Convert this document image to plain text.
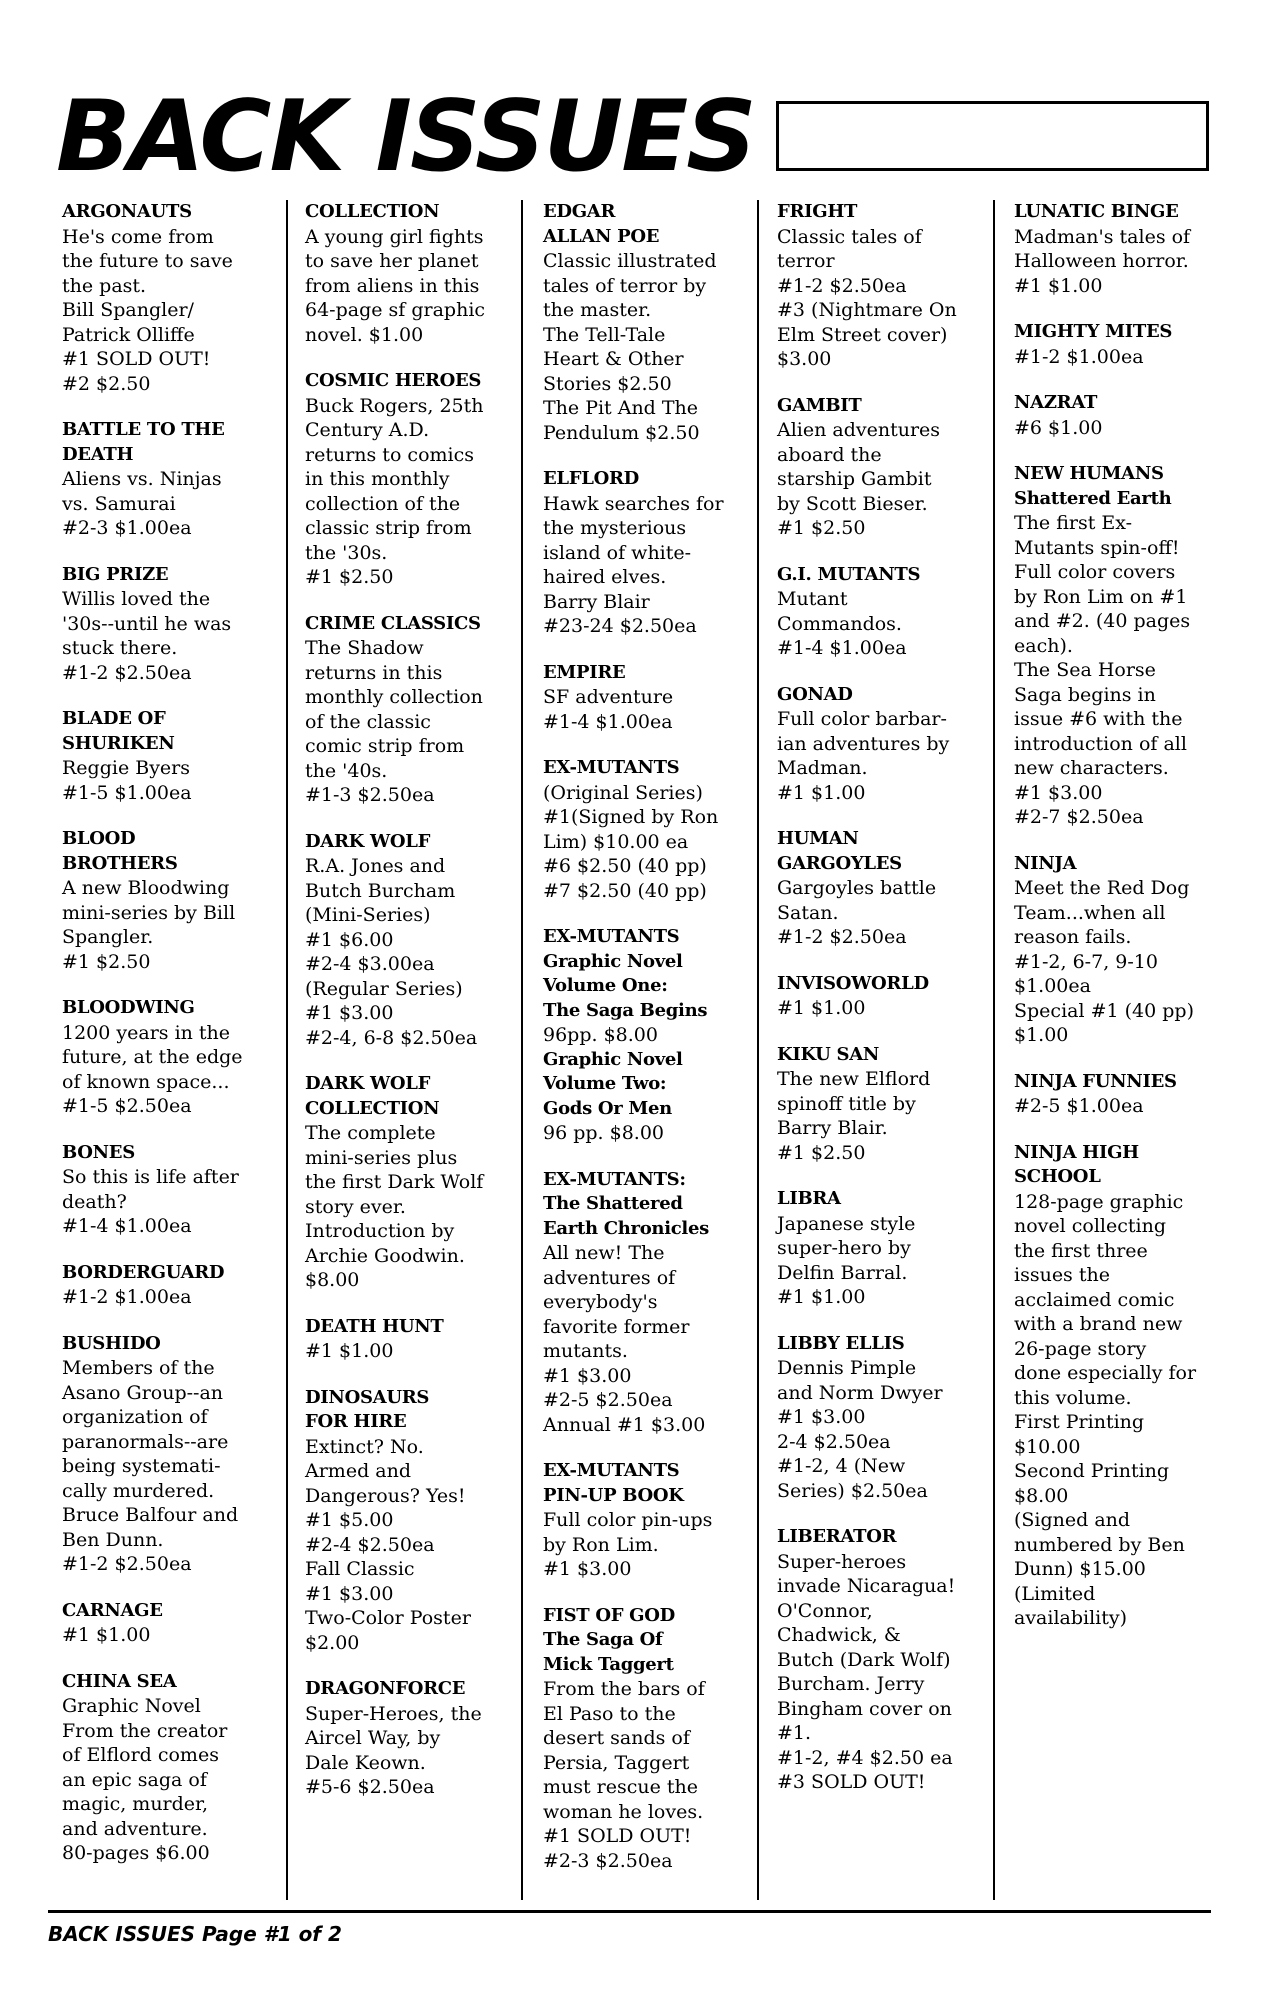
BACK ISSUES
ARGONAUTS
He's come from
the future to save
the past.
Bill Spangler/
Patrick Olliffe
#1 SOLD OUT!
#2 $2.50
BATTLE TO THE
DEATH
Aliens vs. Ninjas
vs. Samurai
#2-3 $1.00ea
BIG PRIZE
Willis loved the
'30s--until he was
stuck there.
#1-2 $2.50ea
BLADE OF
SHURIKEN
Reggie Byers
#1-5 $1.00ea
BLOOD
BROTHERS
A new Bloodwing
mini-series by Bill
Spangler.
#1 $2.50
BLOODWING
1200 years in the
future, at the edge
of known space...
#1-5 $2.50ea
BONES
So this is life after
death?
#1-4 $1.00ea
BORDERGUARD
#1-2 $1.00ea
BUSHIDO
Members of the
Asano Group--an
organization of
paranormals--are
being systemati-
cally murdered.
Bruce Balfour and
Ben Dunn.
#1-2 $2.50ea
CARNAGE
#1 $1.00
CHINA SEA
Graphic Novel
From the creator
of Elflord comes
an epic saga of
magic, murder,
and adventure.
80-pages $6.00
COLLECTION
A young girl fights
to save her planet
from aliens in this
64-page sf graphic
novel. $1.00
COSMIC HEROES
Buck Rogers, 25th
Century A.D.
returns to comics
in this monthly
collection of the
classic strip from
the '30s.
#1 $2.50
CRIME CLASSICS
The Shadow
returns in this
monthly collection
of the classic
comic strip from
the '40s.
#1-3 $2.50ea
DARK WOLF
R.A. Jones and
Butch Burcham
(Mini-Series)
#1 $6.00
#2-4 $3.00ea
(Regular Series)
#1 $3.00
#2-4, 6-8 $2.50ea
DARK WOLF
COLLECTION
The complete
mini-series plus
the first Dark Wolf
story ever.
Introduction by
Archie Goodwin.
$8.00
DEATH HUNT
#1 $1.00
DINOSAURS
FOR HIRE
Extinct? No.
Armed and
Dangerous? Yes!
#1 $5.00
#2-4 $2.50ea
Fall Classic
#1 $3.00
Two-Color Poster
$2.00
DRAGONFORCE
Super-Heroes, the
Aircel Way, by
Dale Keown.
#5-6 $2.50ea
EDGAR
ALLAN POE
Classic illustrated
tales of terror by
the master.
The Tell-Tale
Heart & Other
Stories $2.50
The Pit And The
Pendulum $2.50
ELFLORD
Hawk searches for
the mysterious
island of white-
haired elves.
Barry Blair
#23-24 $2.50ea
EMPIRE
SF adventure
#1-4 $1.00ea
EX-MUTANTS
(Original Series)
#1(Signed by Ron
Lim) $10.00 ea
#6 $2.50 (40 pp)
#7 $2.50 (40 pp)
EX-MUTANTS
Graphic Novel
Volume One:
The Saga Begins
96pp. $8.00
Graphic Novel
Volume Two:
Gods Or Men
96 pp. $8.00
EX-MUTANTS:
The Shattered
Earth Chronicles
All new! The
adventures of
everybody's
favorite former
mutants.
#1 $3.00
#2-5 $2.50ea
Annual #1 $3.00
EX-MUTANTS
PIN-UP BOOK
Full color pin-ups
by Ron Lim.
#1 $3.00
FIST OF GOD
The Saga Of
Mick Taggert
From the bars of
El Paso to the
desert sands of
Persia, Taggert
must rescue the
woman he loves.
#1 SOLD OUT!
#2-3 $2.50ea
FRIGHT
Classic tales of
terror
#1-2 $2.50ea
#3 (Nightmare On
Elm Street cover)
$3.00
GAMBIT
Alien adventures
aboard the
starship Gambit
by Scott Bieser.
#1 $2.50
G.I. MUTANTS
Mutant
Commandos.
#1-4 $1.00ea
GONAD
Full color barbar-
ian adventures by
Madman.
#1 $1.00
HUMAN
GARGOYLES
Gargoyles battle
Satan.
#1-2 $2.50ea
INVISOWORLD
#1 $1.00
KIKU SAN
The new Elflord
spinoff title by
Barry Blair.
#1 $2.50
LIBRA
Japanese style
super-hero by
Delfin Barral.
#1 $1.00
LIBBY ELLIS
Dennis Pimple
and Norm Dwyer
#1 $3.00
2-4 $2.50ea
#1-2, 4 (New
Series) $2.50ea
LIBERATOR
Super-heroes
invade Nicaragua!
O'Connor,
Chadwick, &
Butch (Dark Wolf)
Burcham. Jerry
Bingham cover on
#1.
#1-2, #4 $2.50 ea
#3 SOLD OUT!
LUNATIC BINGE
Madman's tales of
Halloween horror.
#1 $1.00
MIGHTY MITES
#1-2 $1.00ea
NAZRAT
#6 $1.00
NEW HUMANS
Shattered Earth
The first Ex-
Mutants spin-off!
Full color covers
by Ron Lim on #1
and #2. (40 pages
each).
The Sea Horse
Saga begins in
issue #6 with the
introduction of all
new characters.
#1 $3.00
#2-7 $2.50ea
NINJA
Meet the Red Dog
Team...when all
reason fails.
#1-2, 6-7, 9-10
$1.00ea
Special #1 (40 pp)
$1.00
NINJA FUNNIES
#2-5 $1.00ea
NINJA HIGH
SCHOOL
128-page graphic
novel collecting
the first three
issues the
acclaimed comic
with a brand new
26-page story
done especially for
this volume.
First Printing
$10.00
Second Printing
$8.00
(Signed and
numbered by Ben
Dunn) $15.00
(Limited
availability)
BACK ISSUES Page #1 of 2
